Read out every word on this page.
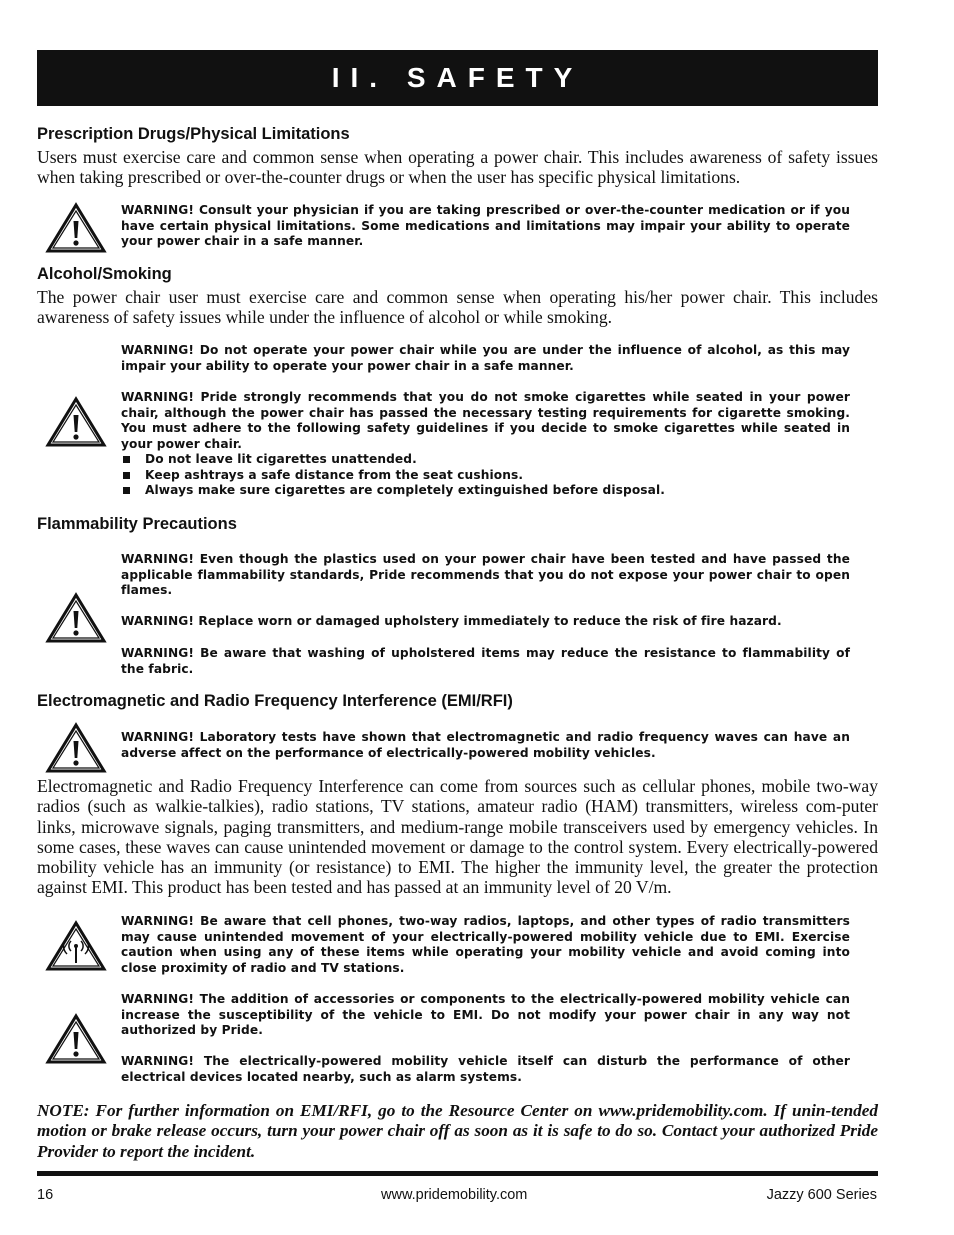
II. SAFETY
Prescription Drugs/Physical Limitations
Users must exercise care and common sense when operating a power chair. This includes awareness of safety issues when taking prescribed or over-the-counter drugs or when the user has specific physical limitations.
WARNING! Consult your physician if you are taking prescribed or over-the-counter medication or if you have certain physical limitations. Some medications and limitations may impair your ability to operate your power chair in a safe manner.
Alcohol/Smoking
The power chair user must exercise care and common sense when operating his/her power chair. This includes awareness of safety issues while under the influence of alcohol or while smoking.
WARNING! Do not operate your power chair while you are under the influence of alcohol, as this may impair your ability to operate your power chair in a safe manner.
WARNING! Pride strongly recommends that you do not smoke cigarettes while seated in your power chair, although the power chair has passed the necessary testing requirements for cigarette smoking. You must adhere to the following safety guidelines if you decide to smoke cigarettes while seated in your power chair.
Do not leave lit cigarettes unattended.
Keep ashtrays a safe distance from the seat cushions.
Always make sure cigarettes are completely extinguished before disposal.
Flammability Precautions
WARNING! Even though the plastics used on your power chair have been tested and have passed the applicable flammability standards, Pride recommends that you do not expose your power chair to open flames.
WARNING! Replace worn or damaged upholstery immediately to reduce the risk of fire hazard.
WARNING! Be aware that washing of upholstered items may reduce the resistance to flammability of the fabric.
Electromagnetic and Radio Frequency Interference (EMI/RFI)
WARNING! Laboratory tests have shown that electromagnetic and radio frequency waves can have an adverse affect on the performance of electrically-powered mobility vehicles.
Electromagnetic and Radio Frequency Interference can come from sources such as cellular phones, mobile two-way radios (such as walkie-talkies), radio stations, TV stations, amateur radio (HAM) transmitters, wireless com-puter links, microwave signals, paging transmitters, and medium-range mobile transceivers used by emergency vehicles. In some cases, these waves can cause unintended movement or damage to the control system. Every electrically-powered mobility vehicle has an immunity (or resistance) to EMI. The higher the immunity level, the greater the protection against EMI. This product has been tested and has passed at an immunity level of 20 V/m.
WARNING! Be aware that cell phones, two-way radios, laptops, and other types of radio transmitters may cause unintended movement of your electrically-powered mobility vehicle due to EMI. Exercise caution when using any of these items while operating your mobility vehicle and avoid coming into close proximity of radio and TV stations.
WARNING! The addition of accessories or components to the electrically-powered mobility vehicle can increase the susceptibility of the vehicle to EMI. Do not modify your power chair in any way not authorized by Pride.
WARNING! The electrically-powered mobility vehicle itself can disturb the performance of other electrical devices located nearby, such as alarm systems.
NOTE: For further information on EMI/RFI, go to the Resource Center on www.pridemobility.com. If unin-tended motion or brake release occurs, turn your power chair off as soon as it is safe to do so. Contact your authorized Pride Provider to report the incident.
16	www.pridemobility.com	Jazzy 600 Series
